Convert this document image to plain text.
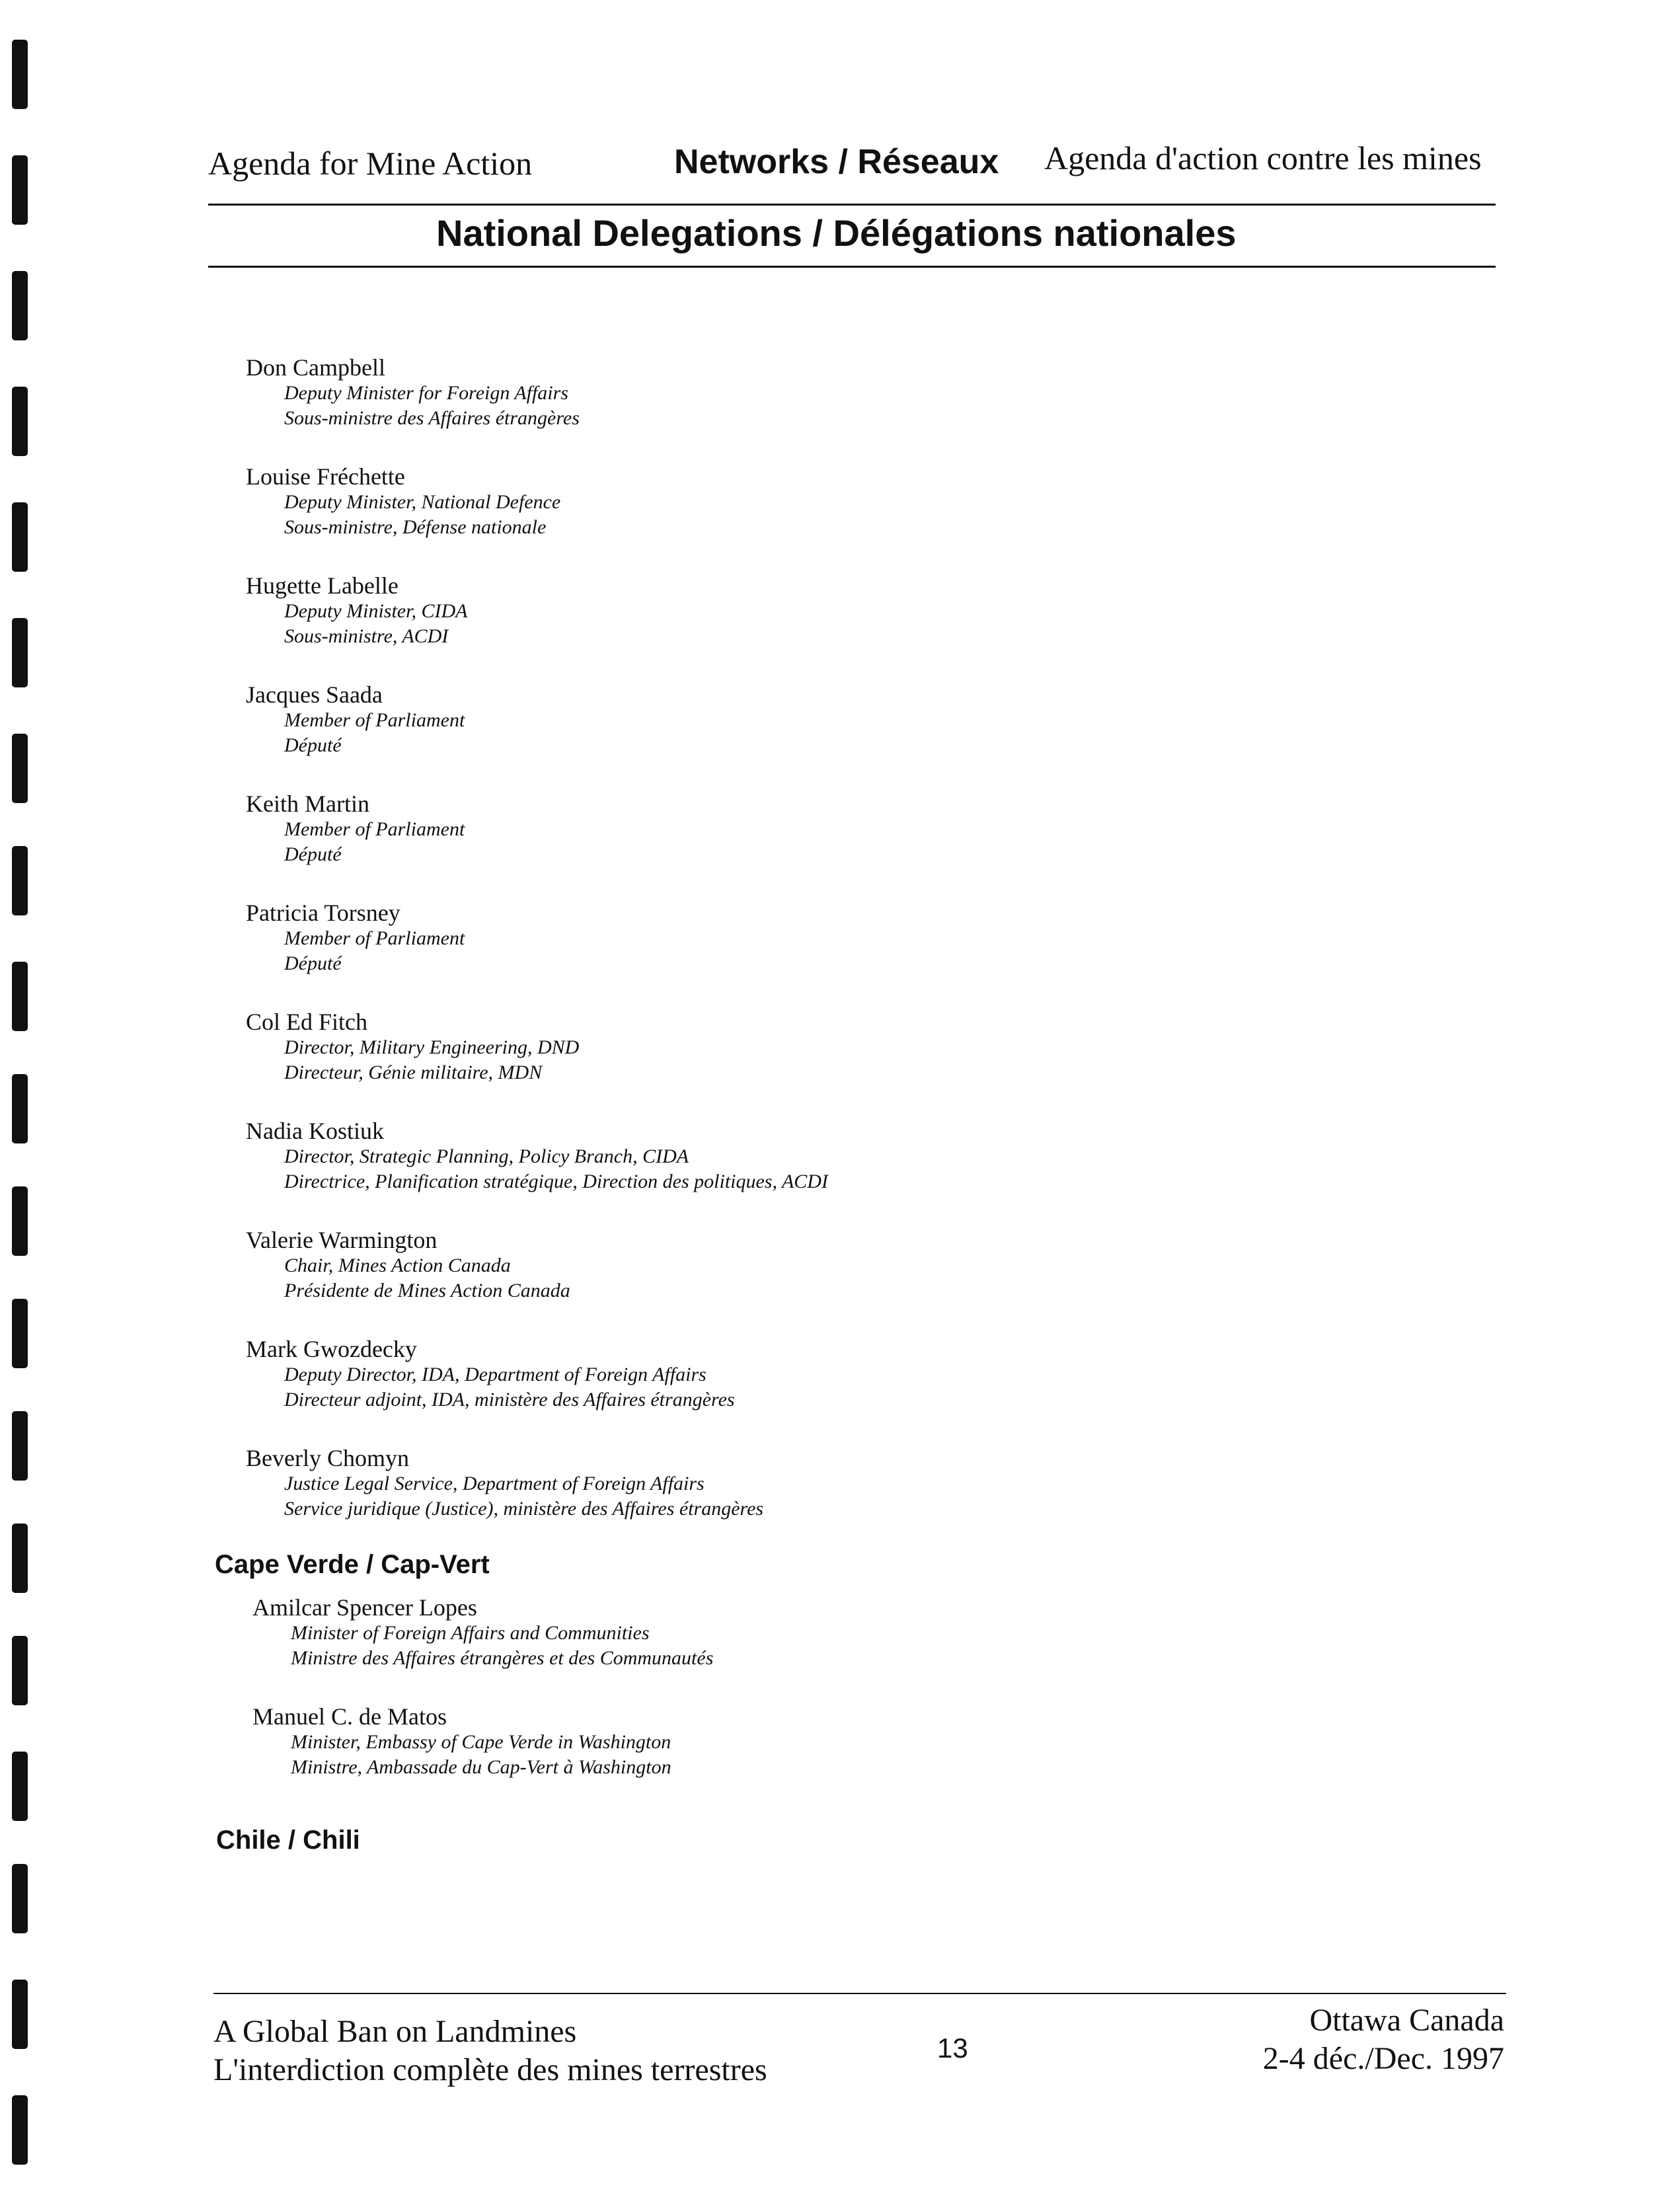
Agenda for Mine Action	Networks / Réseaux Agenda d'action contre les mines
National Delegations / Délégations nationales
Don Campbell
Deputy Minister for Foreign Affairs
Sous-ministre des Affaires étrangères
Louise Fréchette
Deputy Minister, National Defence
Sous-ministre, Défense nationale
Hugette Labelle
Deputy Minister, CIDA
Sous-ministre, ACDI
Jacques Saada
Member of Parliament
Député
Keith Martin
Member of Parliament
Député
Patricia Torsney
Member of Parliament
Député
Col Ed Fitch
Director, Military Engineering, DND
Directeur, Génie militaire, MDN
Nadia Kostiuk
Director, Strategic Planning, Policy Branch, CIDA
Directrice, Planification stratégique, Direction des politiques, ACDI
Valerie Warmington
Chair, Mines Action Canada
Présidente de Mines Action Canada
Mark Gwozdecky
Deputy Director, IDA, Department of Foreign Affairs
Directeur adjoint, IDA, ministère des Affaires étrangères
Beverly Chomyn
Justice Legal Service, Department of Foreign Affairs
Service juridique (Justice), ministère des Affaires étrangères
Cape Verde / Cap-Vert
Amilcar Spencer Lopes
Minister of Foreign Affairs and Communities
Ministre des Affaires étrangères et des Communautés
Manuel C. de Matos
Minister, Embassy of Cape Verde in Washington
Ministre, Ambassade du Cap-Vert à Washington
Chile / Chili
A Global Ban on Landmines
L'interdiction complète des mines terrestres
13
Ottawa Canada
2-4 déc./Dec. 1997
